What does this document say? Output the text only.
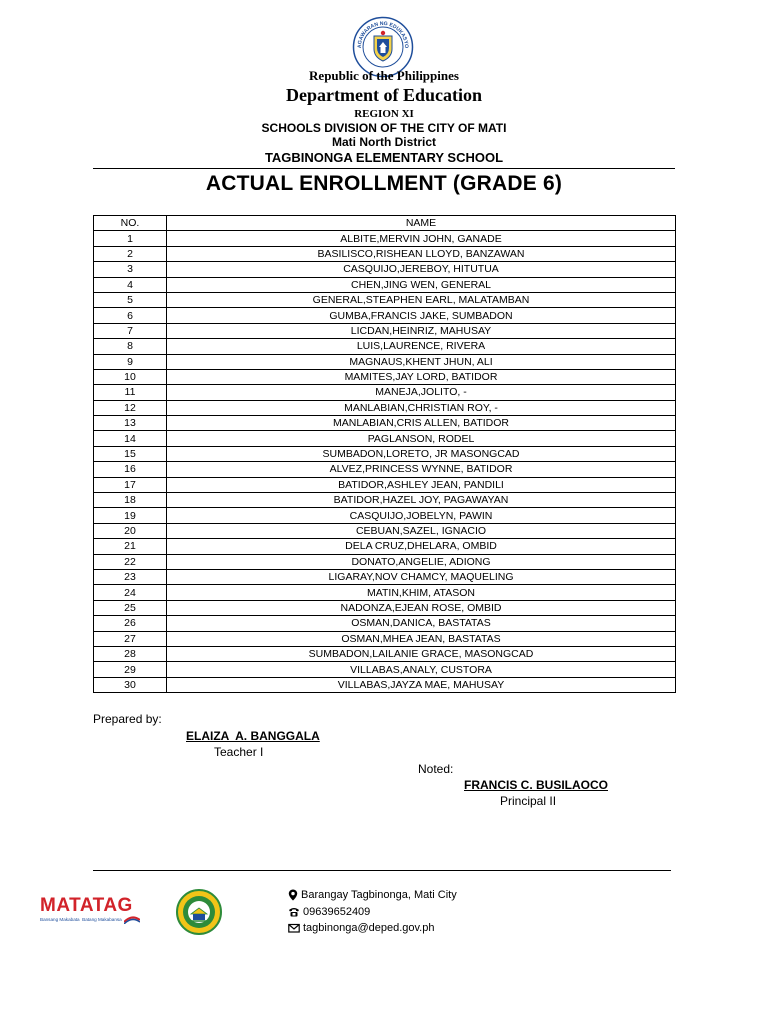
AGAWARAN NG EDUKASYO
Republic of the Philippines
Department of Education
REGION XI
SCHOOLS DIVISION OF THE CITY OF MATI
Mati North District
TAGBINONGA ELEMENTARY SCHOOL
ACTUAL ENROLLMENT (GRADE 6)
NO.	NAME
1	ALBITE,MERVIN JOHN, GANADE
2	BASILISCO,RISHEAN LLOYD, BANZAWAN
3	CASQUIJO,JEREBOY, HITUTUA
4	CHEN,JING WEN, GENERAL
5	GENERAL,STEAPHEN EARL, MALATAMBAN
6	GUMBA,FRANCIS JAKE, SUMBADON
7	LICDAN,HEINRIZ, MAHUSAY
8	LUIS,LAURENCE, RIVERA
9	MAGNAUS,KHENT JHUN, ALI
10	MAMITES,JAY LORD, BATIDOR
11	MANEJA,JOLITO, -
12	MANLABIAN,CHRISTIAN ROY, -
13	MANLABIAN,CRIS ALLEN, BATIDOR
14	PAGLANSON, RODEL
15	SUMBADON,LORETO, JR MASONGCAD
16	ALVEZ,PRINCESS WYNNE, BATIDOR
17	BATIDOR,ASHLEY JEAN, PANDILI
18	BATIDOR,HAZEL JOY, PAGAWAYAN
19	CASQUIJO,JOBELYN, PAWIN
20	CEBUAN,SAZEL, IGNACIO
21	DELA CRUZ,DHELARA, OMBID
22	DONATO,ANGELIE, ADIONG
23	LIGARAY,NOV CHAMCY, MAQUELING
24	MATIN,KHIM, ATASON
25	NADONZA,EJEAN ROSE, OMBID
26	OSMAN,DANICA, BASTATAS
27	OSMAN,MHEA JEAN, BASTATAS
28	SUMBADON,LAILANIE GRACE, MASONGCAD
29	VILLABAS,ANALY, CUSTORA
30	VILLABAS,JAYZA MAE, MAHUSAY
Prepared by:
ELAIZA  A. BANGGALA
Teacher I
Noted:
FRANCIS C. BUSILAOCO
Principal II
MATATAG
Bansang Makabata  Batang Makabansa
Barangay Tagbinonga, Mati City
09639652409
tagbinonga@deped.gov.ph
